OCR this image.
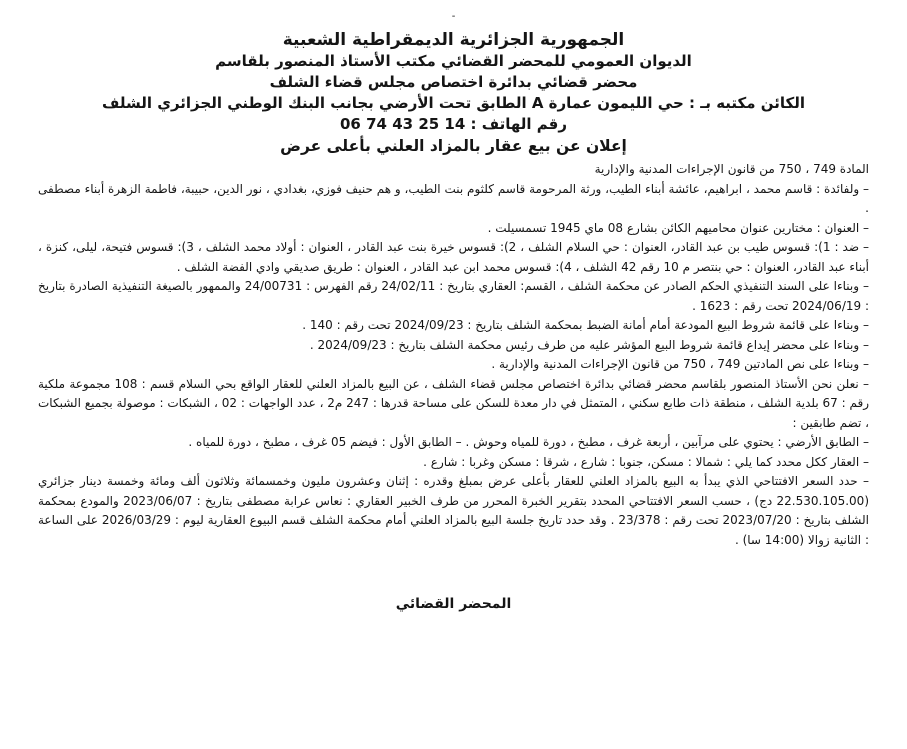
-

الجمهورية الجزائرية الديمقراطية الشعبية

الديوان العمومي للمحضر القضائي مكتب الأستاذ المنصور بلقاسم

محضر قضائي بدائرة اختصاص مجلس قضاء الشلف

الكائن مكتبه بـ : حي الليمون عمارة A الطابق تحت الأرضي بجانب البنك الوطني الجزائري الشلف

رقم الهاتف : 14 25 43 74 06

إعلان عن بيع عقار بالمزاد العلني بأعلى عرض

المادة 749 ، 750 من قانون الإجراءات المدنية والإدارية

– ولفائدة : قاسم محمد ، ابراهيم، عائشة أبناء الطيب، ورثة المرحومة قاسم كلثوم بنت الطيب، و هم حنيف فوزي، بغدادي ، نور الدين، حبيبة، فاطمة الزهرة أبناء مصطفى .

– العنوان : مختارين عنوان محاميهم الكائن بشارع 08 ماي 1945 تسمسيلت .

– ضد : 1): قسوس طيب بن عبد القادر، العنوان : حي السلام الشلف ، 2): قسوس خيرة بنت عبد القادر ، العنوان : أولاد محمد الشلف ، 3): قسوس فتيحة، ليلى، كنزة ، أبناء عبد القادر، العنوان : حي بنتصر م 10 رقم 42 الشلف ، 4): قسوس محمد ابن عبد القادر ، العنوان : طريق صديقي وادي الفضة الشلف .

– وبناءا على السند التنفيذي الحكم الصادر عن محكمة الشلف ، القسم: العقاري بتاريخ : 24/02/11 رقم الفهرس : 24/00731 والممهور بالصيغة التنفيذية الصادرة بتاريخ : 2024/06/19 تحت رقم : 1623 .

– وبناءا على قائمة شروط البيع المودعة أمام أمانة الضبط بمحكمة الشلف بتاريخ : 2024/09/23 تحت رقم : 140 .

– وبناءا على محضر إيداع قائمة شروط البيع المؤشر عليه من طرف رئيس محكمة الشلف بتاريخ : 2024/09/23 .

– وبناءا على نص المادتين 749 ، 750 من قانون الإجراءات المدنية والإدارية .

– نعلن نحن الأستاذ المنصور بلقاسم محضر قضائي بدائرة اختصاص مجلس قضاء الشلف ، عن البيع بالمزاد العلني للعقار الواقع بحي السلام قسم : 108 مجموعة ملكية رقم : 67 بلدية الشلف ، منطقة ذات طابع سكني ، المتمثل في دار معدة للسكن على مساحة قدرها : 247 م2 ، عدد الواجهات : 02 ، الشبكات : موصولة بجميع الشبكات ، تضم طابقين :

– الطابق الأرضي : يحتوي على مرآبين ، أربعة غرف ، مطبخ ، دورة للمياه وحوش . – الطابق الأول : فيضم 05 غرف ، مطبخ ، دورة للمياه .

– العقار ككل محدد كما يلي : شمالا : مسكن، جنوبا : شارع ، شرقا : مسكن وغربا : شارع .

– حدد السعر الافتتاحي الذي يبدأ به البيع بالمزاد العلني للعقار بأعلى عرض بمبلغ وقدره : إثنان وعشرون مليون وخمسمائة وثلاثون ألف ومائة وخمسة دينار جزائري (22.530.105.00 دج) ، حسب السعر الافتتاحي المحدد بتقرير الخبرة المحرر من طرف الخبير العقاري : نعاس عرابة مصطفى بتاريخ : 2023/06/07 والمودع بمحكمة الشلف بتاريخ : 2023/07/20 تحت رقم : 23/378 . وقد حدد تاريخ جلسة البيع بالمزاد العلني أمام محكمة الشلف قسم البيوع العقارية ليوم : 2026/03/29 على الساعة : الثانية زوالا (14:00 سا) .

المحضر القضائي
